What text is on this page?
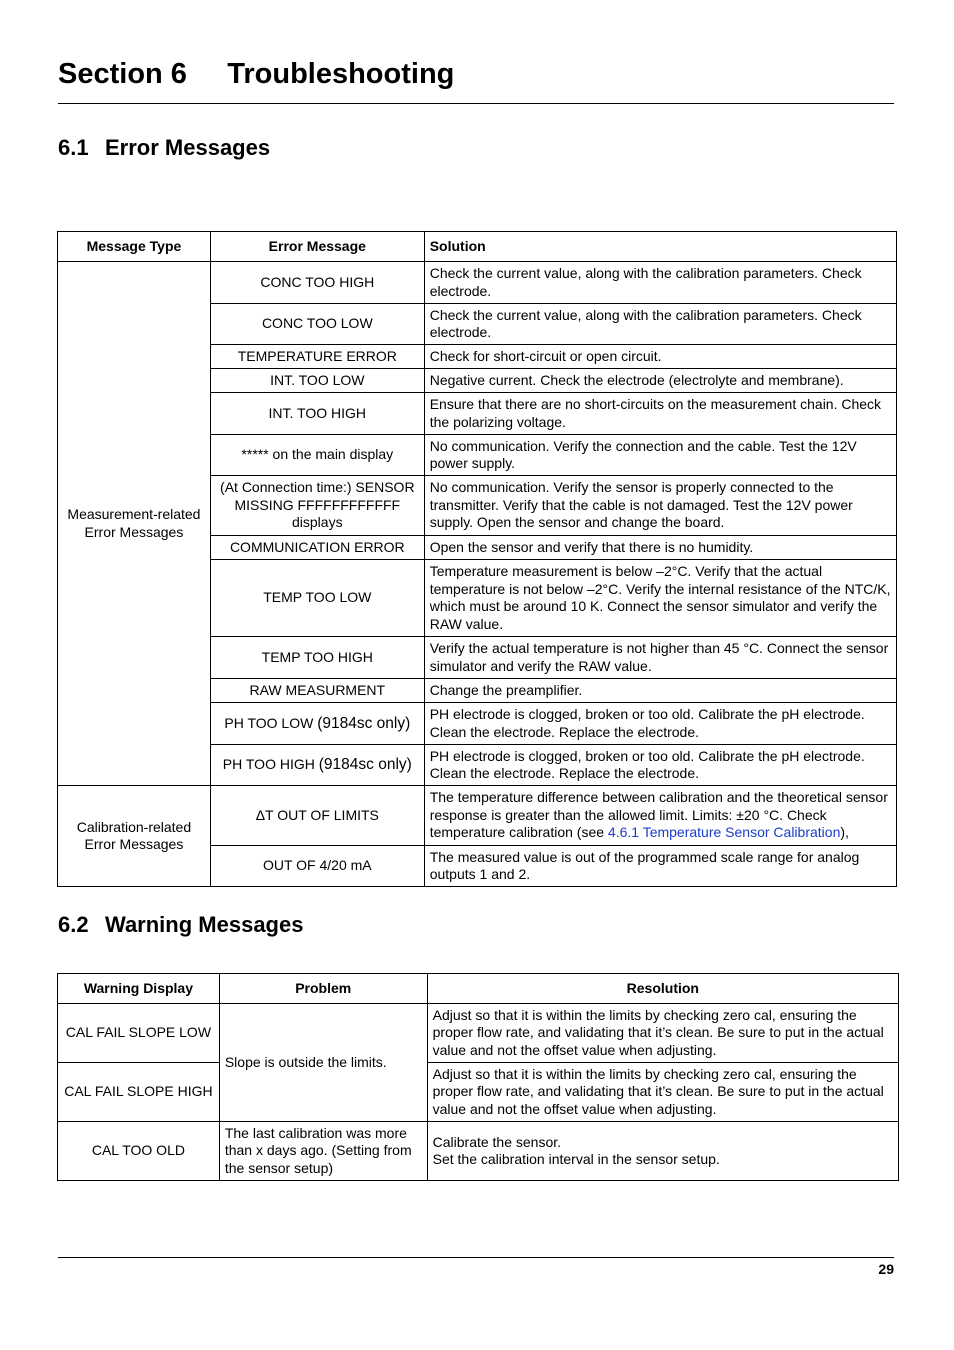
Section 6 Troubleshooting
6.1 Error Messages
Message Type	Error Message	Solution
Measurement-related Error Messages	CONC TOO HIGH	Check the current value, along with the calibration parameters. Check electrode.
	CONC TOO LOW	Check the current value, along with the calibration parameters. Check electrode.
	TEMPERATURE ERROR	Check for short-circuit or open circuit.
	INT. TOO LOW	Negative current. Check the electrode (electrolyte and membrane).
	INT. TOO HIGH	Ensure that there are no short-circuits on the measurement chain. Check the polarizing voltage.
	***** on the main display	No communication. Verify the connection and the cable. Test the 12V power supply.
	(At Connection time:) SENSOR MISSING FFFFFFFFFFFF displays	No communication. Verify the sensor is properly connected to the transmitter. Verify that the cable is not damaged. Test the 12V power supply. Open the sensor and change the board.
	COMMUNICATION ERROR	Open the sensor and verify that there is no humidity.
	TEMP TOO LOW	Temperature measurement is below –2°C. Verify that the actual temperature is not below –2°C. Verify the internal resistance of the NTC/K, which must be around 10 K. Connect the sensor simulator and verify the RAW value.
	TEMP TOO HIGH	Verify the actual temperature is not higher than 45 °C. Connect the sensor simulator and verify the RAW value.
	RAW MEASURMENT	Change the preamplifier.
	PH TOO LOW (9184sc only)	PH electrode is clogged, broken or too old. Calibrate the pH electrode. Clean the electrode. Replace the electrode.
	PH TOO HIGH (9184sc only)	PH electrode is clogged, broken or too old. Calibrate the pH electrode. Clean the electrode. Replace the electrode.
Calibration-related Error Messages	ΔT OUT OF LIMITS	The temperature difference between calibration and the theoretical sensor response is greater than the allowed limit. Limits: ±20 °C. Check temperature calibration (see 4.6.1 Temperature Sensor Calibration),
	OUT OF 4/20 mA	The measured value is out of the programmed scale range for analog outputs 1 and 2.
6.2 Warning Messages
Warning Display	Problem	Resolution
CAL FAIL SLOPE LOW	Slope is outside the limits.	Adjust so that it is within the limits by checking zero cal, ensuring the proper flow rate, and validating that it’s clean. Be sure to put in the actual value and not the offset value when adjusting.
CAL FAIL SLOPE HIGH		Adjust so that it is within the limits by checking zero cal, ensuring the proper flow rate, and validating that it’s clean. Be sure to put in the actual value and not the offset value when adjusting.
CAL TOO OLD	The last calibration was more than x days ago. (Setting from the sensor setup)	Calibrate the sensor.
Set the calibration interval in the sensor setup.
29
